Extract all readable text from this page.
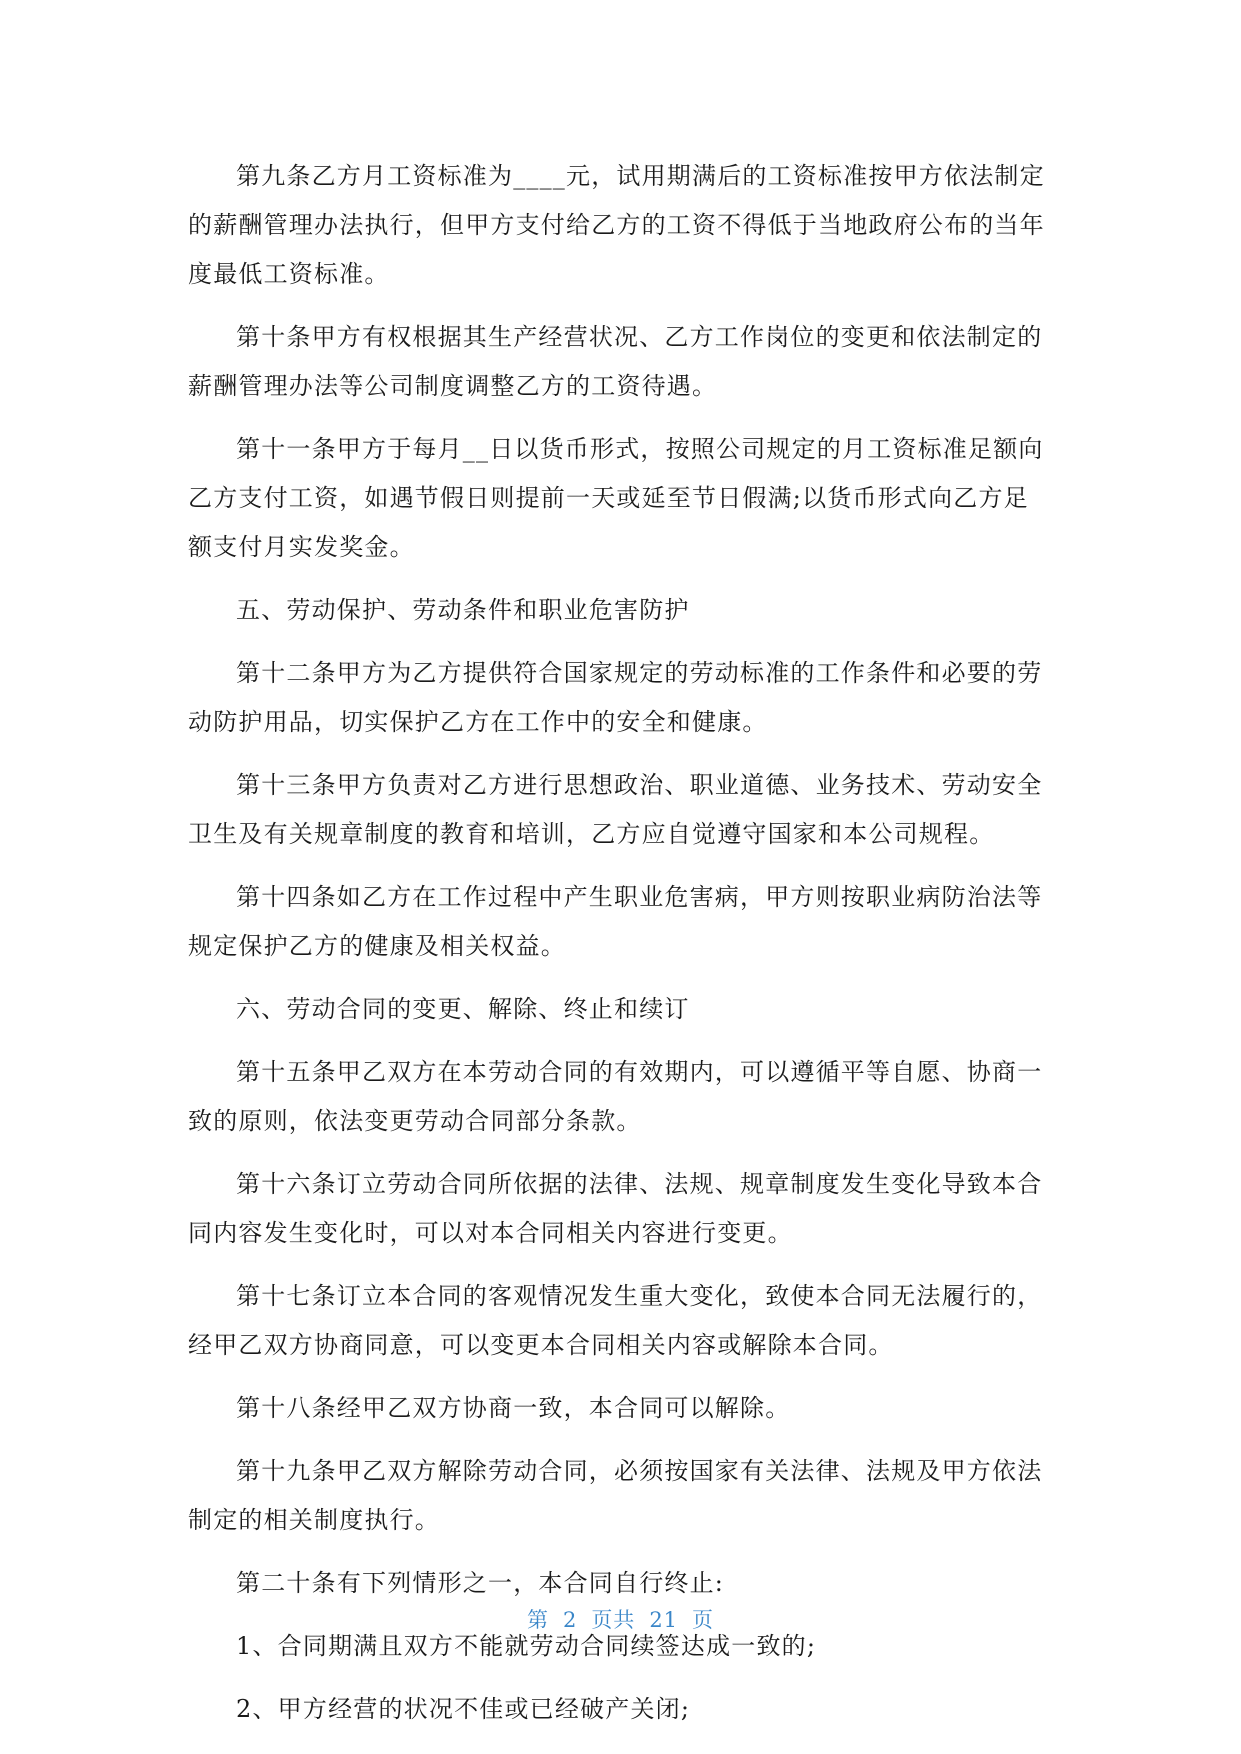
第九条乙方月工资标准为____元，试用期满后的工资标准按甲方依法制定的薪酬管理办法执行，但甲方支付给乙方的工资不得低于当地政府公布的当年度最低工资标准。

第十条甲方有权根据其生产经营状况、乙方工作岗位的变更和依法制定的薪酬管理办法等公司制度调整乙方的工资待遇。

第十一条甲方于每月__日以货币形式，按照公司规定的月工资标准足额向乙方支付工资，如遇节假日则提前一天或延至节日假满;以货币形式向乙方足额支付月实发奖金。

五、劳动保护、劳动条件和职业危害防护

第十二条甲方为乙方提供符合国家规定的劳动标准的工作条件和必要的劳动防护用品，切实保护乙方在工作中的安全和健康。

第十三条甲方负责对乙方进行思想政治、职业道德、业务技术、劳动安全卫生及有关规章制度的教育和培训，乙方应自觉遵守国家和本公司规程。

第十四条如乙方在工作过程中产生职业危害病，甲方则按职业病防治法等规定保护乙方的健康及相关权益。

六、劳动合同的变更、解除、终止和续订

第十五条甲乙双方在本劳动合同的有效期内，可以遵循平等自愿、协商一致的原则，依法变更劳动合同部分条款。

第十六条订立劳动合同所依据的法律、法规、规章制度发生变化导致本合同内容发生变化时，可以对本合同相关内容进行变更。

第十七条订立本合同的客观情况发生重大变化，致使本合同无法履行的，经甲乙双方协商同意，可以变更本合同相关内容或解除本合同。

第十八条经甲乙双方协商一致，本合同可以解除。

第十九条甲乙双方解除劳动合同，必须按国家有关法律、法规及甲方依法制定的相关制度执行。

第二十条有下列情形之一，本合同自行终止:

1、合同期满且双方不能就劳动合同续签达成一致的;

2、甲方经营的状况不佳或已经破产关闭;

第 2 页共 21 页
